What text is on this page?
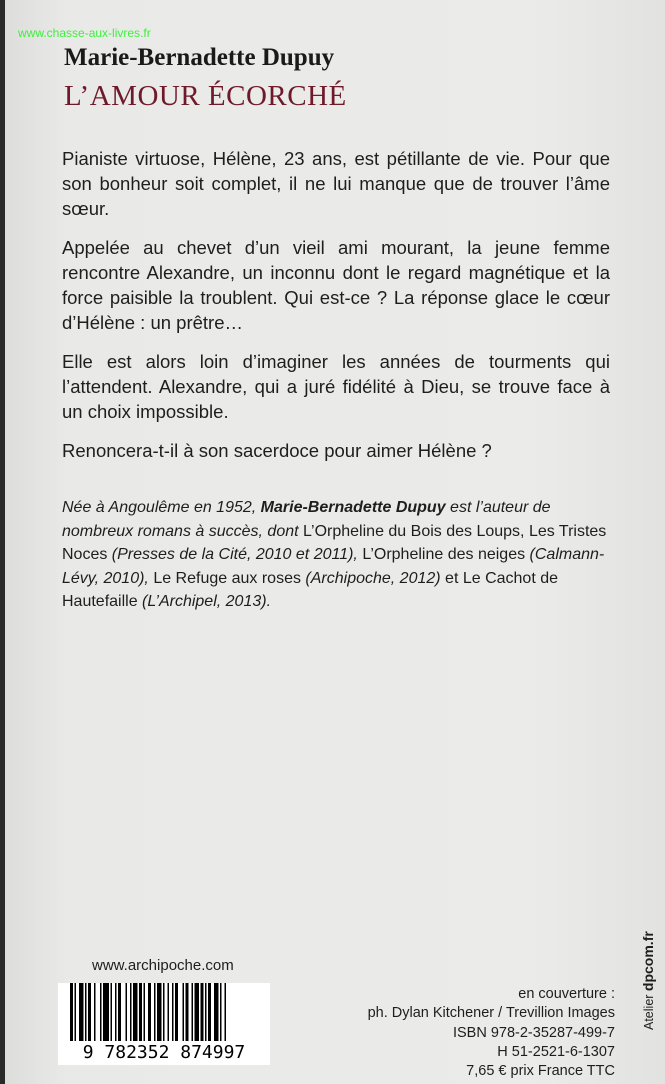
www.chasse-aux-livres.fr
Marie-Bernadette Dupuy
L’AMOUR ÉCORCHÉ

Pianiste virtuose, Hélène, 23 ans, est pétillante de vie. Pour que son bonheur soit complet, il ne lui manque que de trouver l’âme sœur.

Appelée au chevet d’un vieil ami mourant, la jeune femme rencontre Alexandre, un inconnu dont le regard magnétique et la force paisible la troublent. Qui est-ce ? La réponse glace le cœur d’Hélène : un prêtre…

Elle est alors loin d’imaginer les années de tourments qui l’attendent. Alexandre, qui a juré fidélité à Dieu, se trouve face à un choix impossible.

Renoncera-t-il à son sacerdoce pour aimer Hélène ?

Née à Angoulême en 1952, Marie-Bernadette Dupuy est l’auteur de nombreux romans à succès, dont L’Orpheline du Bois des Loups, Les Tristes Noces (Presses de la Cité, 2010 et 2011), L’Orpheline des neiges (Calmann-Lévy, 2010), Le Refuge aux roses (Archipoche, 2012) et Le Cachot de Hautefaille (L’Archipel, 2013).
www.archipoche.com
9 782352 874997
en couverture :
ph. Dylan Kitchener / Trevillion Images
ISBN 978-2-35287-499-7
H 51-2521-6-1307
7,65 € prix France TTC
Atelier dpcom.fr
